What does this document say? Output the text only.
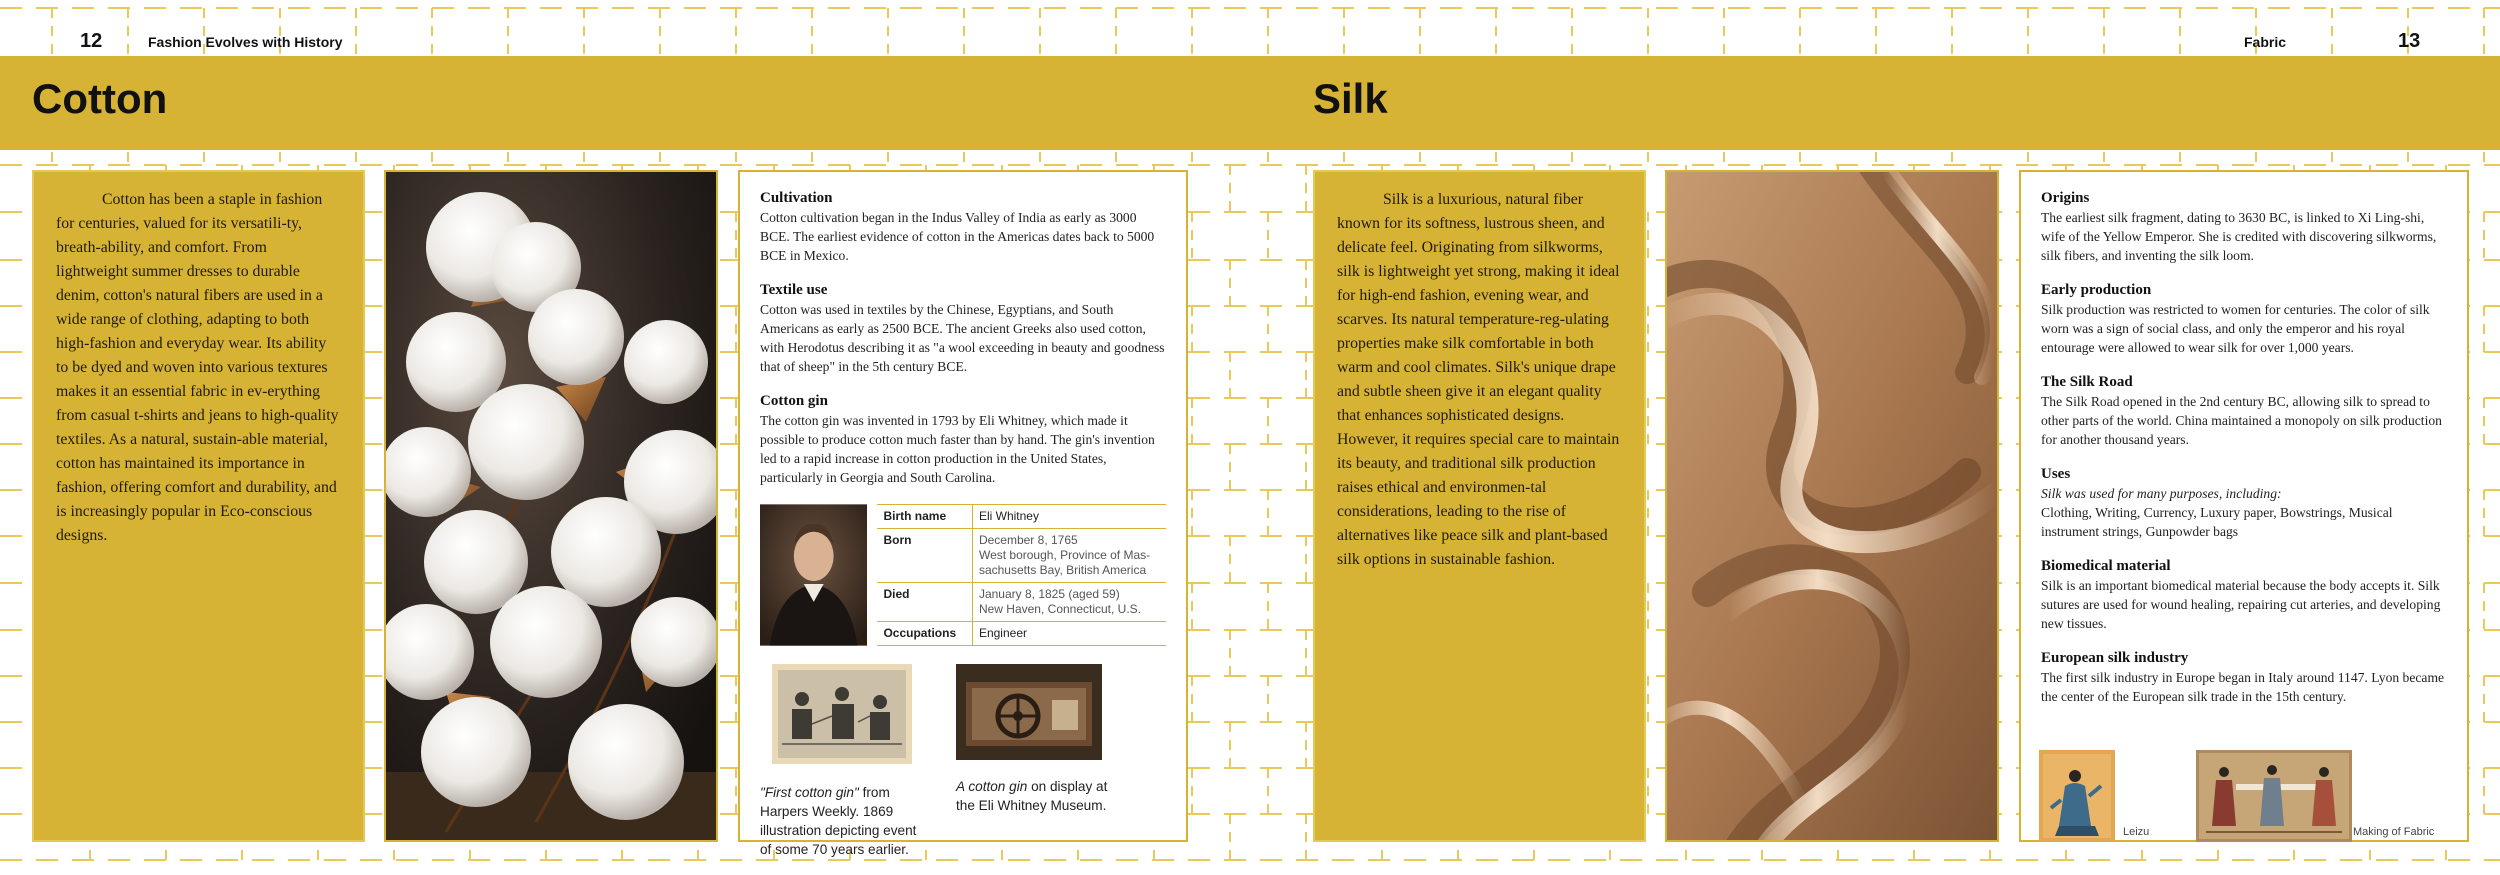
12	Fashion Evolves with History
Cotton
Fabric	13
Silk

Cotton has been a staple in fashion for centuries, valued for its versatili-ty, breath-ability, and comfort. From lightweight summer dresses to durable denim, cotton's natural fibers are used in a wide range of clothing, adapting to both high-fashion and everyday wear. Its ability to be dyed and woven into various textures makes it an essential fabric in ev-erything from casual t-shirts and jeans to high-quality textiles. As a natural, sustain-able material, cotton has maintained its importance in fashion, offering comfort and durability, and is increasingly popular in Eco-conscious designs.

Cultivation

Cotton cultivation began in the Indus Valley of India as early as 3000 BCE. The earliest evidence of cotton in the Americas dates back to 5000 BCE in Mexico.

Textile use

Cotton was used in textiles by the Chinese, Egyptians, and South Americans as early as 2500 BCE. The ancient Greeks also used cotton, with Herodotus describing it as "a wool exceeding in beauty and goodness that of sheep" in the 5th century BCE.

Cotton gin

The cotton gin was invented in 1793 by Eli Whitney, which made it possible to produce cotton much faster than by hand. The gin's invention led to a rapid increase in cotton production in the United States, particularly in Georgia and South Carolina.

Birth name	Eli Whitney
Born	December 8, 1765
West borough, Province of Mas-
sachusetts Bay, British America

Died	January 8, 1825 (aged 59)
New Haven, Connecticut, U.S.

Occupations	Engineer

"First cotton gin" from Harpers Weekly. 1869 illustration depicting event of some 70 years earlier.

A cotton gin on display at the Eli Whitney Museum.

Silk is a luxurious, natural fiber known for its softness, lustrous sheen, and delicate feel. Originating from silkworms, silk is lightweight yet strong, making it ideal for high-end fashion, evening wear, and scarves. Its natural temperature-reg-ulating properties make silk comfortable in both warm and cool climates. Silk's unique drape and subtle sheen give it an elegant quality that enhances sophisticated designs. However, it requires special care to maintain its beauty, and traditional silk production raises ethical and environmen-tal considerations, leading to the rise of alternatives like peace silk and plant-based silk options in sustainable fashion.

Origins

The earliest silk fragment, dating to 3630 BC, is linked to Xi Ling-shi, wife of the Yellow Emperor. She is credited with discovering silkworms, silk fibers, and inventing the silk loom.

Early production

Silk production was restricted to women for centuries. The color of silk worn was a sign of social class, and only the emperor and his royal entourage were allowed to wear silk for over 1,000 years.

The Silk Road

The Silk Road opened in the 2nd century BC, allowing silk to spread to other parts of the world. China maintained a monopoly on silk production for another thousand years.

Uses

Silk was used for many purposes, including:

Clothing, Writing, Currency, Luxury paper, Bowstrings, Musical instrument strings, Gunpowder bags

Biomedical material

Silk is an important biomedical material because the body accepts it. Silk sutures are used for wound healing, repairing cut arteries, and developing new tissues.

European silk industry

The first silk industry in Europe began in Italy around 1147. Lyon became the center of the European silk trade in the 15th century.

Leizu	Making of Fabric
